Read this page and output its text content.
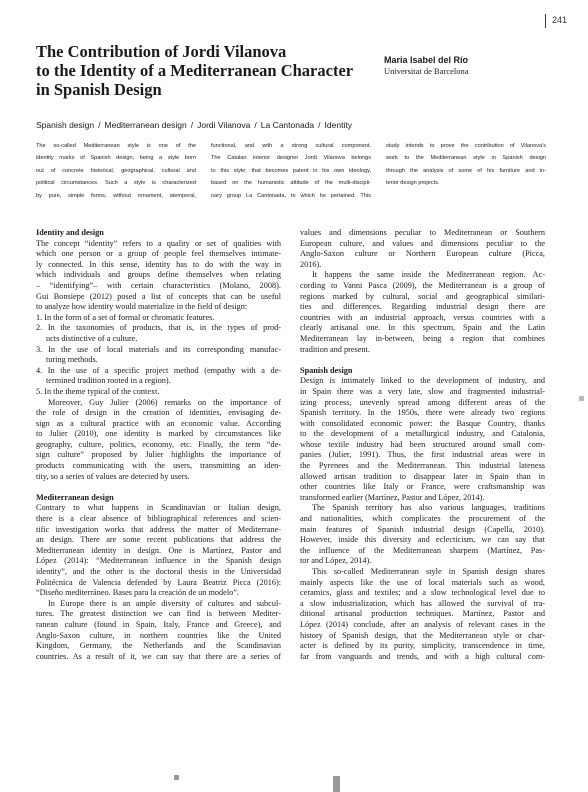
241
The Contribution of Jordi Vilanova
to the Identity of a Mediterranean Character
in Spanish Design
Maria Isabel del Río
Universitat de Barcelona
Spanish design / Mediterranean design / Jordi Vilanova / La Cantonada / Identity
The so-called Mediterranean style is one of the
identity marks of Spanish design, being a style born
out of concrete historical, geographical, cultural and
political circumstances. Such a style is characterized
by pure, simple forms, without ornament, atemporal,
functional, and with a strong cultural component.
The Catalan interior designer Jordi Vilanova belongs
to this style; that becomes patent in his own ideology,
based on the humanistic attitude of the multi-discipli-
nary group La Cantonada, to which he pertained. This
study intends to prove the contribution of Vilanova's
work to the Mediterranean style in Spanish design
through the analysis of some of his furniture and in-
terior design projects.
Identity and design
The concept “identity” refers to a quality or set of qualities with
which one person or a group of people feel themselves intimate-
ly connected. In this sense, identity has to do with the way in
which individuals and groups define themselves when relating
– “identifying”– with certain characteristics (Molano, 2008).
Gui Bonsiepe (2012) posed a list of concepts that can be useful
to analyze how identity would materialize in the field of design:
1. In the form of a set of formal or chromatic features.
2. In the taxonomies of products, that is, in the types of prod-
ucts distinctive of a culture.
3. In the use of local materials and its corresponding manufac-
turing methods.
4. In the use of a specific project method (empathy with a de-
termined tradition rooted in a region).
5. In the theme typical of the context.
Moreover, Guy Julier (2006) remarks on the importance of
the role of design in the creation of identities, envisaging de-
sign as a cultural practice with an economic value. According
to Julier (2010), one identity is marked by circumstances like
geography, culture, politics, economy, etc. Finally, the term “de-
sign culture” proposed by Julier highlights the importance of
products communicating with the users, transmitting an iden-
tity, so a series of values are detected by users.
Mediterranean design
Contrary to what happens in Scandinavian or Italian design,
there is a clear absence of bibliographical references and scien-
tific investigation works that address the matter of Mediterrane-
an design. There are some recent publications that address the
Mediterranean identity in design. One is Martínez, Pastor and
López (2014): “Mediterranean influence in the Spanish design
identity”, and the other is the doctoral thesis in the Universidad
Politécnica de Valencia defended by Laura Beatriz Picca (2016):
“Diseño mediterráneo. Bases para la creación de un modelo”.
In Europe there is an ample diversity of cultures and subcul-
tures. The greatest distinction we can find is between Mediter-
ranean culture (found in Spain, Italy, France and Greece), and
Anglo-Saxon culture, in northern countries like the United
Kingdom, Germany, the Netherlands and the Scandinavian
countries. As a result of it, we can say that there are a series of
values and dimensions peculiar to Mediterranean or Southern
European culture, and values and dimensions peculiar to the
Anglo-Saxon culture or Northern European culture (Picca,
2016).
It happens the same inside the Mediterranean region. Ac-
cording to Vanni Pasca (2009), the Mediterranean is a group of
regions marked by cultural, social and geographical similari-
ties and differences. Regarding industrial design there are
countries with an industrial approach, versus countries with a
clearly artisanal one. In this spectrum, Spain and the Latin
Mediterranean lay in-between, being a region that combines
tradition and present.
Spanish design
Design is intimately linked to the development of industry, and
in Spain there was a very late, slow and fragmented industrial-
izing process, unevenly spread among different areas of the
Spanish territory. In the 1950s, there were already two regions
with consolidated economic power: the Basque Country, thanks
to the development of a metallurgical industry, and Catalonia,
whose textile industry had been structured around small com-
panies (Julier, 1991). Thus, the first industrial areas were in
the Pyrenees and the Mediterranean. This industrial lateness
allowed artisan tradition to disappear later in Spain than in
other countries like Italy or France, were craftsmanship was
transformed earlier (Martínez, Pastor and López, 2014).
The Spanish territory has also various languages, traditions
and nationalities, which complicates the procurement of the
main features of Spanish industrial design (Capella, 2010).
However, inside this diversity and eclecticism, we can say that
the influence of the Mediterranean sharpens (Martínez, Pas-
tor and López, 2014).
This so-called Mediterranean style in Spanish design shares
mainly aspects like the use of local materials such as wood,
ceramics, glass and textiles; and a slow technological level due to
a slow industrialization, which has allowed the survival of tra-
ditional artisanal production techniques. Martínez, Pastor and
López (2014) conclude, after an analysis of relevant cases in the
history of Spanish design, that the Mediterranean style or char-
acter is defined by its purity, simplicity, transcendence in time,
far from vanguards and trends, and with a high cultural com-
